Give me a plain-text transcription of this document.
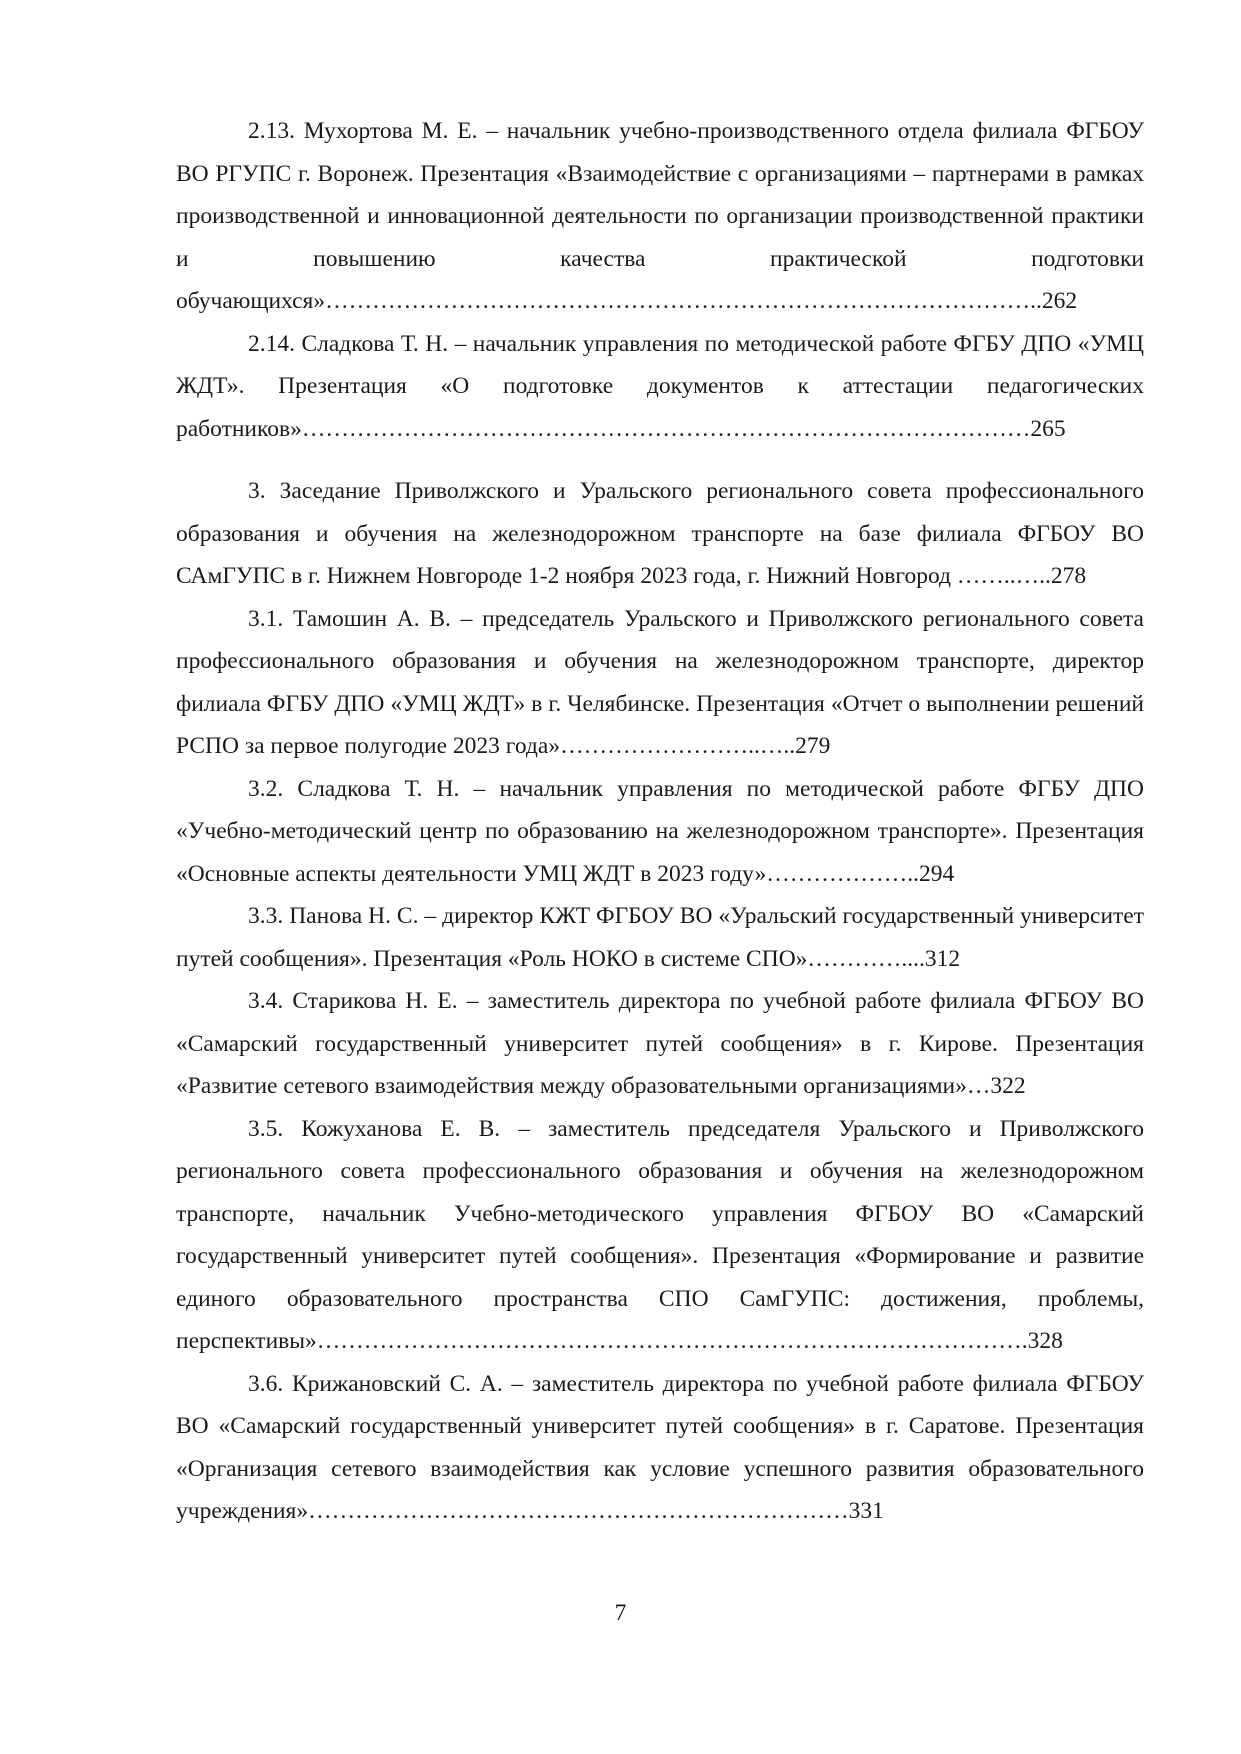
2.13. Мухортова М. Е. – начальник учебно-производственного отдела филиала ФГБОУ ВО РГУПС г. Воронеж. Презентация «Взаимодействие с организациями – партнерами в рамках производственной и инновационной деятельности по организации производственной практики и повышению качества практической подготовки обучающихся»………………………………………………………………………………..262

2.14. Сладкова Т. Н. – начальник управления по методической работе ФГБУ ДПО «УМЦ ЖДТ». Презентация «О подготовке документов к аттестации педагогических работников»…………………………………………………………………………………265

3. Заседание Приволжского и Уральского регионального совета профессионального образования и обучения на железнодорожном транспорте на базе филиала ФГБОУ ВО САмГУПС в г. Нижнем Новгороде 1-2 ноября 2023 года, г. Нижний Новгород ……..…..278

3.1. Тамошин А. В. – председатель Уральского и Приволжского регионального совета профессионального образования и обучения на железнодорожном транспорте, директор филиала ФГБУ ДПО «УМЦ ЖДТ» в г. Челябинске. Презентация «Отчет о выполнении решений РСПО за первое полугодие 2023 года»……………………..…..279

3.2. Сладкова Т. Н. – начальник управления по методической работе ФГБУ ДПО «Учебно-методический центр по образованию на железнодорожном транспорте». Презентация «Основные аспекты деятельности УМЦ ЖДТ в 2023 году»………………..294

3.3. Панова Н. С. – директор КЖТ ФГБОУ ВО «Уральский государственный университет путей сообщения». Презентация «Роль НОКО в системе СПО»…………....312

3.4. Старикова Н. Е. – заместитель директора по учебной работе филиала ФГБОУ ВО «Самарский государственный университет путей сообщения» в г. Кирове. Презентация «Развитие сетевого взаимодействия между образовательными организациями»…322

3.5. Кожуханова Е. В. – заместитель председателя Уральского и Приволжского регионального совета профессионального образования и обучения на железнодорожном транспорте, начальник Учебно-методического управления ФГБОУ ВО «Самарский государственный университет путей сообщения». Презентация «Формирование и развитие единого образовательного пространства СПО СамГУПС: достижения, проблемы, перспективы»……………………………………………………………………………….328

3.6. Крижановский С. А. – заместитель директора по учебной работе филиала ФГБОУ ВО «Самарский государственный университет путей сообщения» в г. Саратове. Презентация «Организация сетевого взаимодействия как условие успешного развития образовательного учреждения»……………………………………………………………331

7
